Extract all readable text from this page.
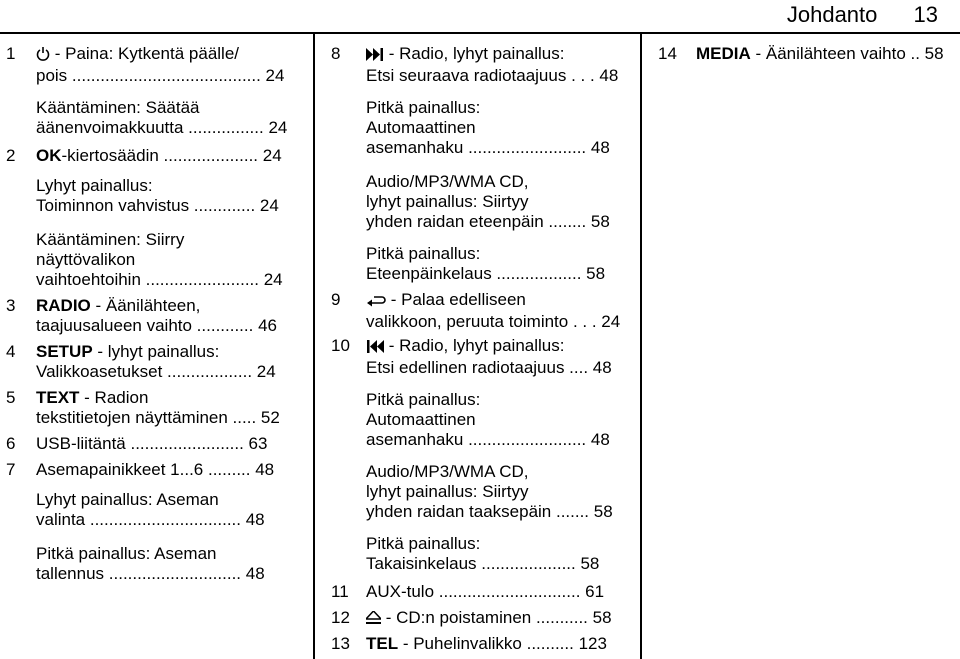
Johdanto 13
1	- Paina: Kytkentä päälle/
pois ........................................ 24
Kääntäminen: Säätää
äänenvoimakkuutta ................ 24
2 OK-kiertosäädin .................... 24
Lyhyt painallus:
Toiminnon vahvistus ............. 24
Kääntäminen: Siirry
näyttövalikon
vaihtoehtoihin ........................ 24
3 RADIO - Äänilähteen,
taajuusalueen vaihto ............ 46
4 SETUP - lyhyt painallus:
Valikkoasetukset .................. 24
5 TEXT - Radion
tekstitietojen näyttäminen ..... 52
6 USB-liitäntä ........................ 63
7 Asemapainikkeet 1...6 ......... 48
Lyhyt painallus: Aseman
valinta ................................ 48
Pitkä painallus: Aseman
tallennus ............................ 48
8	- Radio, lyhyt painallus:
Etsi seuraava radiotaajuus . . . 48
Pitkä painallus:
Automaattinen
asemanhaku ......................... 48
Audio/MP3/WMA CD,
lyhyt painallus: Siirtyy
yhden raidan eteenpäin ........ 58
Pitkä painallus:
Eteenpäinkelaus .................. 58
9	- Palaa edelliseen
valikkoon, peruuta toiminto . . . 24
10	- Radio, lyhyt painallus:
Etsi edellinen radiotaajuus .... 48
Pitkä painallus:
Automaattinen
asemanhaku ......................... 48
Audio/MP3/WMA CD,
lyhyt painallus: Siirtyy
yhden raidan taaksepäin ....... 58
Pitkä painallus:
Takaisinkelaus .................... 58
11 AUX-tulo .............................. 61
12	- CD:n poistaminen ........... 58
13 TEL - Puhelinvalikko .......... 123
14 MEDIA - Äänilähteen vaihto .. 58
